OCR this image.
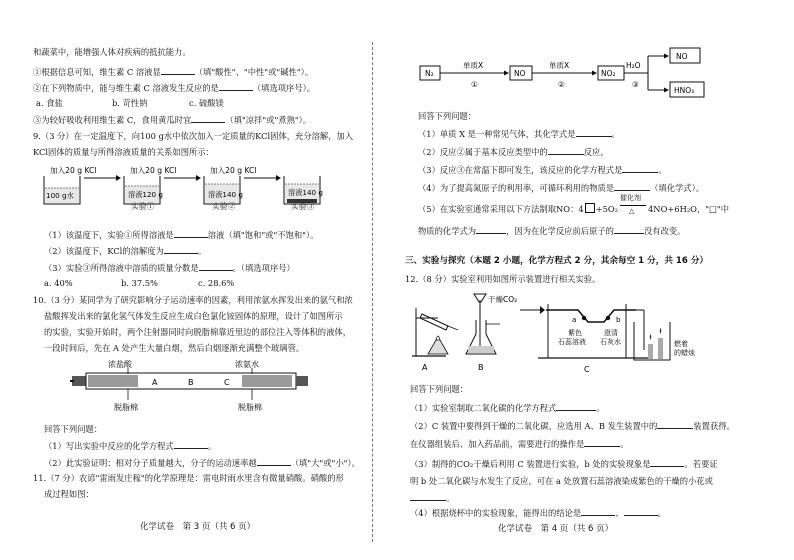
和蔬菜中，能增强人体对疾病的抵抗能力。
①根据信息可知，维生素 C 溶液显	（填"酸性"、"中性"或"碱性"）。
②在下列物质中，能与维生素 C 溶液发生反应的是	（填选项序号）。
a. 食盐	b. 苛性钠	c. 硫酸镁
③为较好吸收利用维生素 C，食用黄瓜时宜	（填"凉拌"或"煮熟"）。
9.（3 分）在一定温度下，向100 g水中依次加入一定质量的KCl固体，充分溶解，加入
KCl固体的质量与所得溶液质量的关系如图所示：
加入20 g KCl
100 g水
加入20 g KCl
溶液120 g
加入20 g KCl
溶液140 g	溶液140 g
实验①	实验②	实验③
（1）该温度下，实验①所得溶液是	溶液（填"饱和"或"不饱和"）。
（2）该温度下，KCl的溶解度为	。
（3）实验③所得溶液中溶质的质量分数是	。（填选项序号）
a. 40%	b. 37.5%	c. 28.6%
10.（3 分）某同学为了研究影响分子运动速率的因素，利用浓氨水挥发出来的氨气和浓
盐酸挥发出来的氯化氢气体发生反应生成白色氯化铵固体的原理，设计了如图所示
的实验，实验开始时，两个注射器同时向脱脂棉靠近里边的部位注入等体积的液体，
一段时间后，先在 A 处产生大量白烟，然后白烟逐渐充满整个玻璃管。
浓盐酸	浓氨水
A	B	C
脱脂棉	脱脂棉
回答下列问题：
（1）写出实验中反应的化学方程式	。
（2）此实验证明：相对分子质量越大，分子的运动速率越	（填"大"或"小"）。
11.（7 分）农谚"雷雨发庄稼"的化学原理是：雷电时雨水里含有微量硝酸。硝酸的形
成过程如图：
化学试卷　第 3 页（共 6 页）
N₂
单质X
①
NO
单质X
②
NO₂
H₂O
③
NO
HNO₃
回答下列问题：
（1）单质 X 是一种常见气体，其化学式是	。
（2）反应②属于基本反应类型中的	反应。
（3）反应③在常温下即可发生，该反应的化学方程式是	。
（4）为了提高氮原子的利用率，可循环利用的物质是	（填化学式）。
（5）在实验室通常采用以下方法制取NO：4 +5O₂
催化剂
△ 4NO+6H₂O，"□"中
物质的化学式为	，因为在化学反应前后原子的	没有改变。
三、实验与探究（本题 2 小题，化学方程式 2 分，其余每空 1 分，共 16 分）
12.（8 分）实验室利用如图所示装置进行相关实验。
干燥CO₂
A	B	C
a	b
紫色
石蕊溶液
澄清
石灰水	燃着
的蜡烛
回答下列问题：
（1）实验室制取二氧化碳的化学方程式	。
（2）C 装置中要得到干燥的二氧化碳，应选用 A、B 发生装置中的	装置获得。
在仪器组装后、加入药品前，需要进行的操作是	。
（3）制得的CO₂干燥后利用 C 装置进行实验，b 处的实验现象是	。若要证
明 b 处二氧化碳与水发生了反应，可在 a 处放置石蕊溶液染成紫色的干燥的小花或
。
（4）根据烧杯中的实验现象，能得出的结论是	、	。
化学试卷　第 4 页（共 6 页）
